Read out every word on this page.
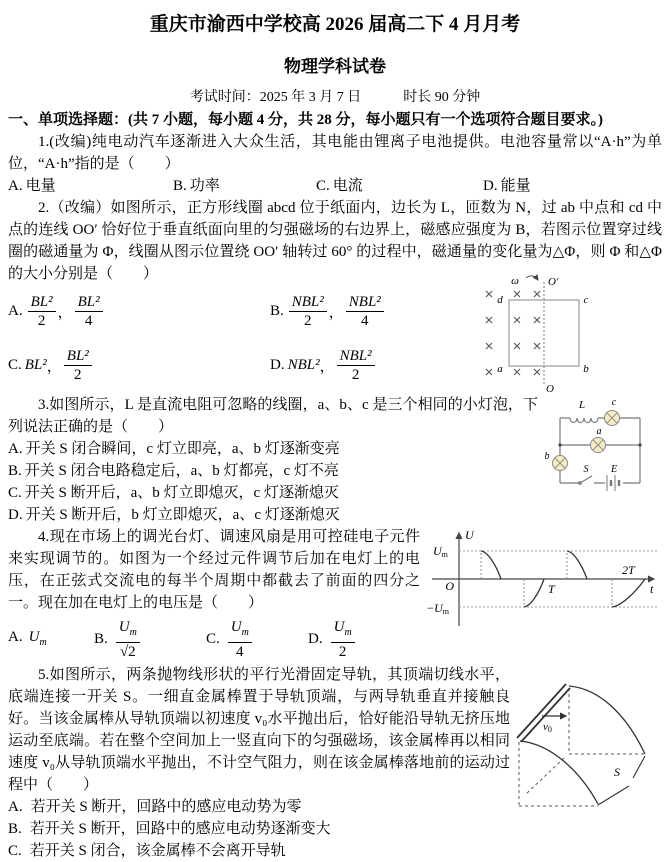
重庆市渝西中学校高 2026 届高二下 4 月月考
物理学科试卷
考试时间：2025 年 3 月 7 日	时长 90 分钟
一、单项选择题：(共 7 小题，每小题 4 分，共 28 分，每小题只有一个选项符合题目要求。)

1.(改编)纯电动汽车逐渐进入大众生活，其电能由锂离子电池提供。电池容量常以“A·h”为单位，“A·h”指的是（　　）

A. 电量	B. 功率	C. 电流	D. 能量

2.（改编）如图所示，正方形线圈 abcd 位于纸面内，边长为 L，匝数为 N，过 ab 中点和 cd 中点的连线 OO′ 恰好位于垂直纸面向里的匀强磁场的右边界上，磁感应强度为 B，若图示位置穿过线圈的磁通量为 Φ，线圈从图示位置绕 OO′ 轴转过 60° 的过程中，磁通量的变化量为△Φ，则 Φ 和△Φ 的大小分别是（　　）

A. $\frac{\text{BL²}}{2}$ ， $\frac{\text{BL²}}{4}$	B. $\frac{\text{NBL²}}{2}$ ， $\frac{\text{NBL²}}{4}$
C. BL² ， $\frac{\text{BL²}}{2}$	D. NBL² ， $\frac{\text{NBL²}}{2}$
ω	O′
O
d	c
a	b
L	c
a
b
S E

3.如图所示，L 是直流电阻可忽略的线圈，a、b、c 是三个相同的小灯泡，下列说法正确的是（　　）

A. 开关 S 闭合瞬间，c 灯立即亮，a、b 灯逐渐变亮
B. 开关 S 闭合电路稳定后，a、b 灯都亮，c 灯不亮
C. 开关 S 断开后，a、b 灯立即熄灭，c 灯逐渐熄灭
D. 开关 S 断开后，b 灯立即熄灭，a、c 灯逐渐熄灭
U
t
O
Um
−Um
T
2T

4.现在市场上的调光台灯、调速风扇是用可控硅电子元件来实现调节的。如图为一个经过元件调节后加在电灯上的电压，在正弦式交流电的每半个周期中都截去了前面的四分之一。现在加在电灯上的电压是（　　）

A. $U_m$	B. $\frac{U_m}{√2}$	C. $\frac{U_m}{4}$	D. $\frac{U_m}{2}$
v0
S

5.如图所示，两条抛物线形状的平行光滑固定导轨，其顶端切线水平，底端连接一开关 S。一细直金属棒置于导轨顶端，与两导轨垂直并接触良好。当该金属棒从导轨顶端以初速度 v₀水平抛出后，恰好能沿导轨无挤压地运动至底端。若在整个空间加上一竖直向下的匀强磁场，该金属棒再以相同速度 v₀从导轨顶端水平抛出，不计空气阻力，则在该金属棒落地前的运动过程中（　　）

A. 若开关 S 断开，回路中的感应电动势为零
B. 若开关 S 断开，回路中的感应电动势逐渐变大
C. 若开关 S 闭合，该金属棒不会离开导轨
